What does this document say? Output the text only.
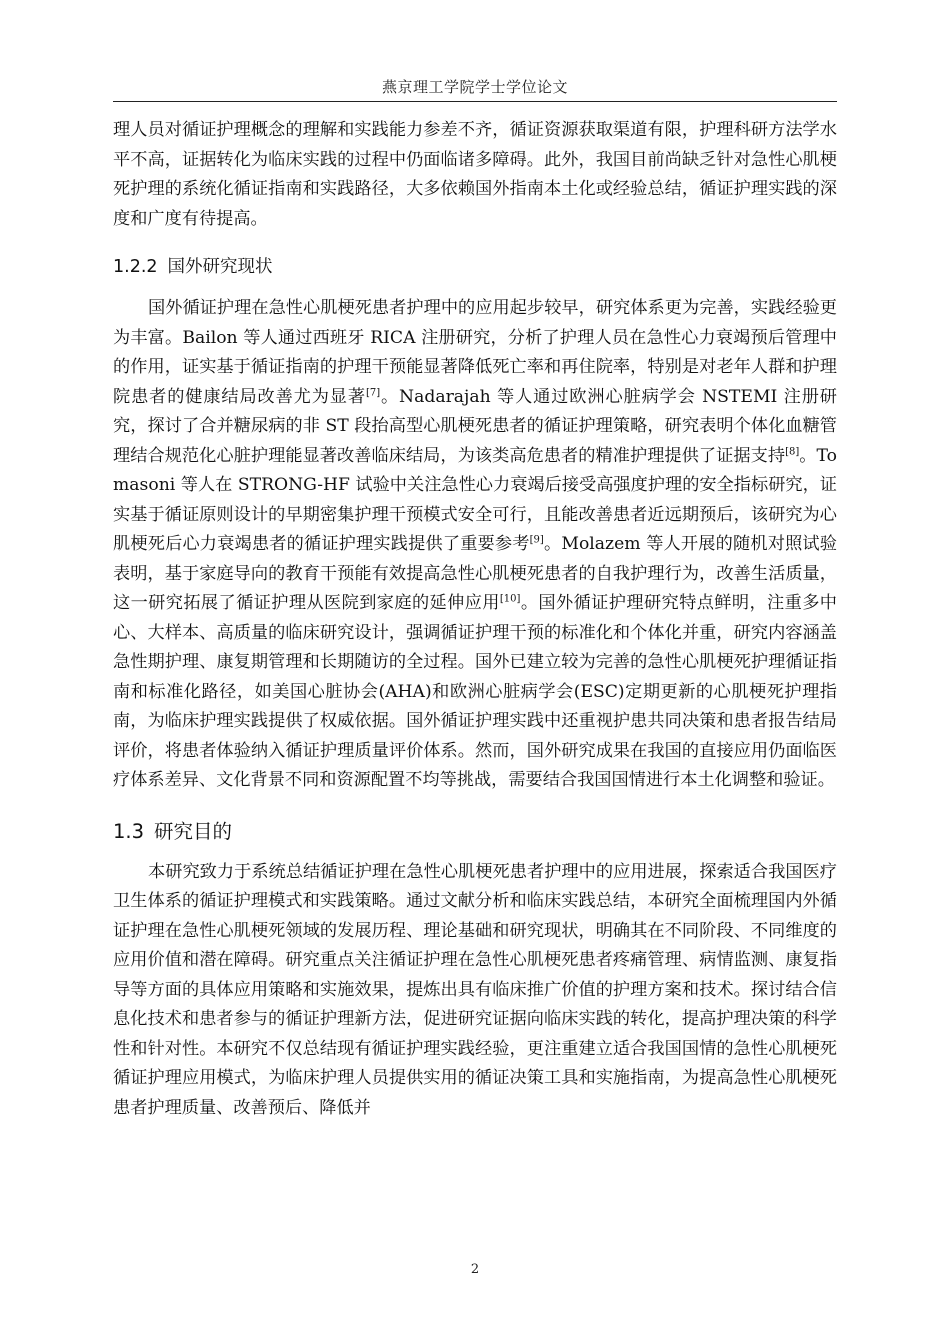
燕京理工学院学士学位论文

理人员对循证护理概念的理解和实践能力参差不齐，循证资源获取渠道有限，护理科研方法学水平不高，证据转化为临床实践的过程中仍面临诸多障碍。此外，我国目前尚缺乏针对急性心肌梗死护理的系统化循证指南和实践路径，大多依赖国外指南本土化或经验总结，循证护理实践的深度和广度有待提高。

1.2.2 国外研究现状

国外循证护理在急性心肌梗死患者护理中的应用起步较早，研究体系更为完善，实践经验更为丰富。Bailon 等人通过西班牙 RICA 注册研究，分析了护理人员在急性心力衰竭预后管理中的作用，证实基于循证指南的护理干预能显著降低死亡率和再住院率，特别是对老年人群和护理院患者的健康结局改善尤为显著[7]。Nadarajah 等人通过欧洲心脏病学会 NSTEMI 注册研究，探讨了合并糖尿病的非 ST 段抬高型心肌梗死患者的循证护理策略，研究表明个体化血糖管理结合规范化心脏护理能显著改善临床结局，为该类高危患者的精准护理提供了证据支持[8]。Tomasoni 等人在 STRONG-HF 试验中关注急性心力衰竭后接受高强度护理的安全指标研究，证实基于循证原则设计的早期密集护理干预模式安全可行，且能改善患者近远期预后，该研究为心肌梗死后心力衰竭患者的循证护理实践提供了重要参考[9]。Molazem 等人开展的随机对照试验表明，基于家庭导向的教育干预能有效提高急性心肌梗死患者的自我护理行为，改善生活质量，这一研究拓展了循证护理从医院到家庭的延伸应用[10]。国外循证护理研究特点鲜明，注重多中心、大样本、高质量的临床研究设计，强调循证护理干预的标准化和个体化并重，研究内容涵盖急性期护理、康复期管理和长期随访的全过程。国外已建立较为完善的急性心肌梗死护理循证指南和标准化路径，如美国心脏协会(AHA)和欧洲心脏病学会(ESC)定期更新的心肌梗死护理指南，为临床护理实践提供了权威依据。国外循证护理实践中还重视护患共同决策和患者报告结局评价，将患者体验纳入循证护理质量评价体系。然而，国外研究成果在我国的直接应用仍面临医疗体系差异、文化背景不同和资源配置不均等挑战，需要结合我国国情进行本土化调整和验证。

1.3 研究目的

本研究致力于系统总结循证护理在急性心肌梗死患者护理中的应用进展，探索适合我国医疗卫生体系的循证护理模式和实践策略。通过文献分析和临床实践总结，本研究全面梳理国内外循证护理在急性心肌梗死领域的发展历程、理论基础和研究现状，明确其在不同阶段、不同维度的应用价值和潜在障碍。研究重点关注循证护理在急性心肌梗死患者疼痛管理、病情监测、康复指导等方面的具体应用策略和实施效果，提炼出具有临床推广价值的护理方案和技术。探讨结合信息化技术和患者参与的循证护理新方法，促进研究证据向临床实践的转化，提高护理决策的科学性和针对性。本研究不仅总结现有循证护理实践经验，更注重建立适合我国国情的急性心肌梗死循证护理应用模式，为临床护理人员提供实用的循证决策工具和实施指南，为提高急性心肌梗死患者护理质量、改善预后、降低并

2
